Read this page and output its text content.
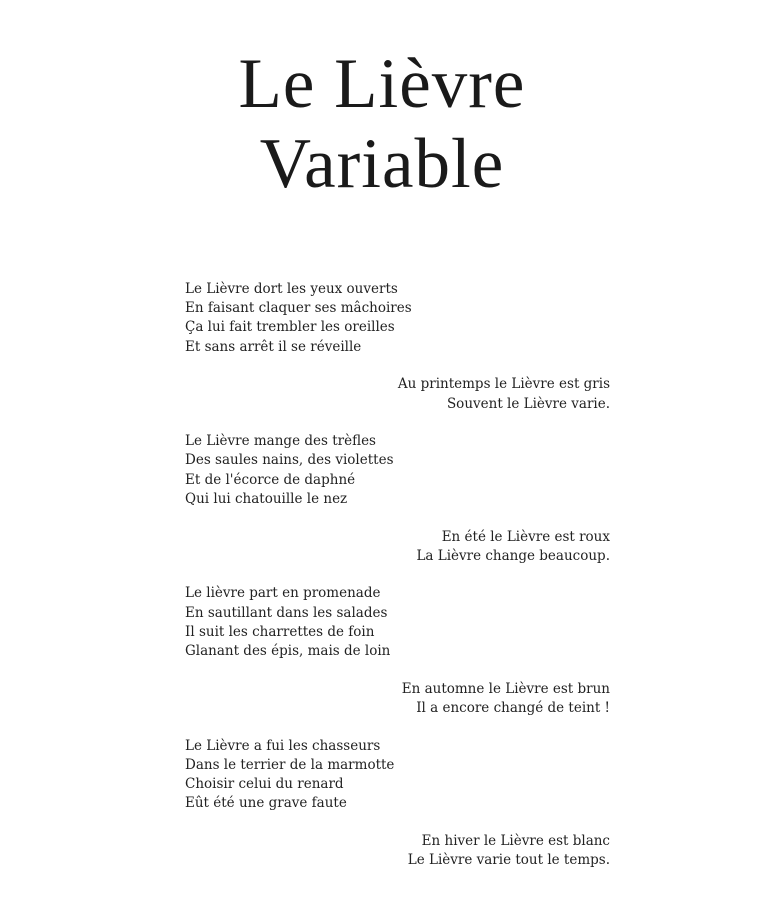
Le Lièvre
Variable
Le Lièvre dort les yeux ouverts
En faisant claquer ses mâchoires
Ça lui fait trembler les oreilles
Et sans arrêt il se réveille
Au printemps le Lièvre est gris
Souvent le Lièvre varie.
Le Lièvre mange des trèfles
Des saules nains, des violettes
Et de l'écorce de daphné
Qui lui chatouille le nez
En été le Lièvre est roux
La Lièvre change beaucoup.
Le lièvre part en promenade
En sautillant dans les salades
Il suit les charrettes de foin
Glanant des épis, mais de loin
En automne le Lièvre est brun
Il a encore changé de teint !
Le Lièvre a fui les chasseurs
Dans le terrier de la marmotte
Choisir celui du renard
Eût été une grave faute
En hiver le Lièvre est blanc
Le Lièvre varie tout le temps.
